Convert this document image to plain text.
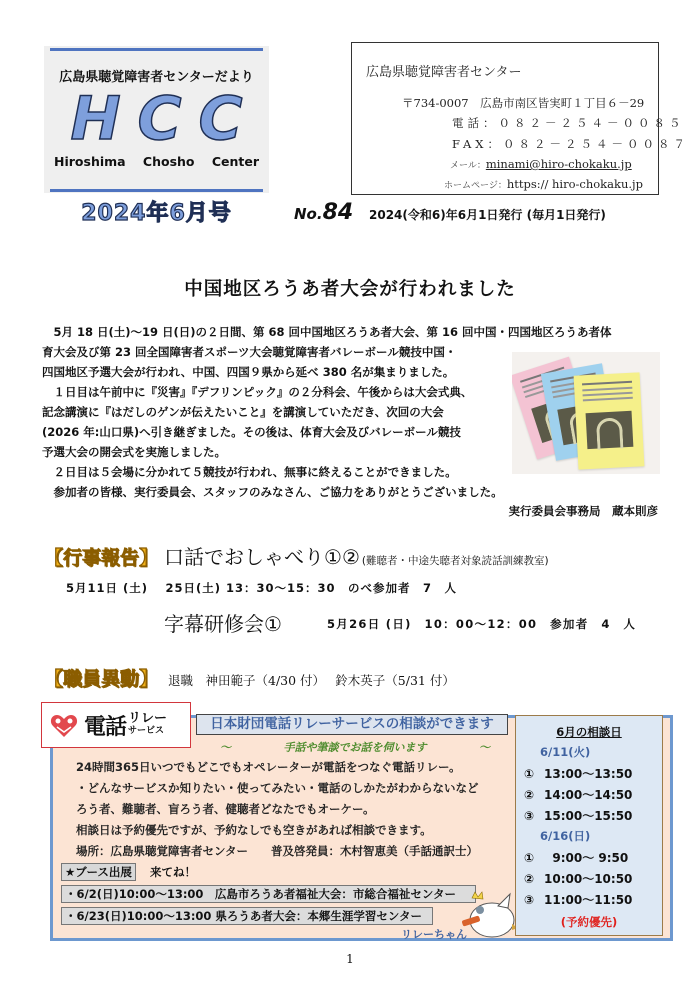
広島県聴覚障害者センターだより
H C C
Hiroshima Chosho Center
2024年6月号
広島県聴覚障害者センター
〒734-0007　広島市南区皆実町１丁目６－29
電話：０８２－２５４－００８５
FAX：０８２－２５４－００８７
メール：minami@hiro-chokaku.jp
ホームページ：https:// hiro-chokaku.jp
No.84 2024(令和6)年6月1日発行 (毎月1日発行)
中国地区ろうあ者大会が行われました
　5月 18 日(土)～19 日(日)の２日間、第 68 回中国地区ろうあ者大会、第 16 回中国・四国地区ろうあ者体
育大会及び第 23 回全国障害者スポーツ大会聴覚障害者バレーボール競技中国・
四国地区予選大会が行われ、中国、四国９県から延べ 380 名が集まりました。
　１日目は午前中に『災害』『デフリンピック』の２分科会、午後からは大会式典、
記念講演に『はだしのゲンが伝えたいこと』を講演していただき、次回の大会
(2026 年:山口県)へ引き継ぎました。その後は、体育大会及びバレーボール競技
予選大会の開会式を実施しました。
　２日目は５会場に分かれて５競技が行われ、無事に終えることができました。
　参加者の皆様、実行委員会、スタッフのみなさん、ご協力をありがとうございました。
実行委員会事務局　蔵本則彦
【行事報告】 口話でおしゃべり①② (難聴者・中途失聴者対象読話訓練教室)
5月11日 (土)　 25日(土) 13：30～15：30　のべ参加者　7　人
字幕研修会①	5月26日 (日)　10：00～12：00　参加者　4　人
【職員異動】 退職　神田範子（4/30 付）　 鈴木英子（5/31 付）
電話 リレー
サービス	日本財団電話リレーサービスの相談ができます
～	手話や筆談でお話を伺います	～
24時間365日いつでもどこでもオペレーターが電話をつなぐ電話リレー。
・どんなサービスか知りたい・使ってみたい・電話のしかたがわからないなど
ろう者、難聴者、盲ろう者、健聴者どなたでもオーケー。
相談日は予約優先ですが、予約なしでも空きがあれば相談できます。
場所：広島県聴覚障害者センター　　普及啓発員：木村智恵美（手話通訳士）
★ブース出展	来てね！
・6/2(日)10:00～13:00　広島市ろうあ者福祉大会：市総合福祉センター
・6/23(日)10:00～13:00 県ろうあ者大会：本郷生涯学習センター
リレーちゃん
6月の相談日
6/11(火)
① 13:00～13:50
② 14:00～14:50
③ 15:00～15:50
6/16(日)
①  9:00～ 9:50
② 10:00～10:50
③ 11:00～11:50
(予約優先)
1
